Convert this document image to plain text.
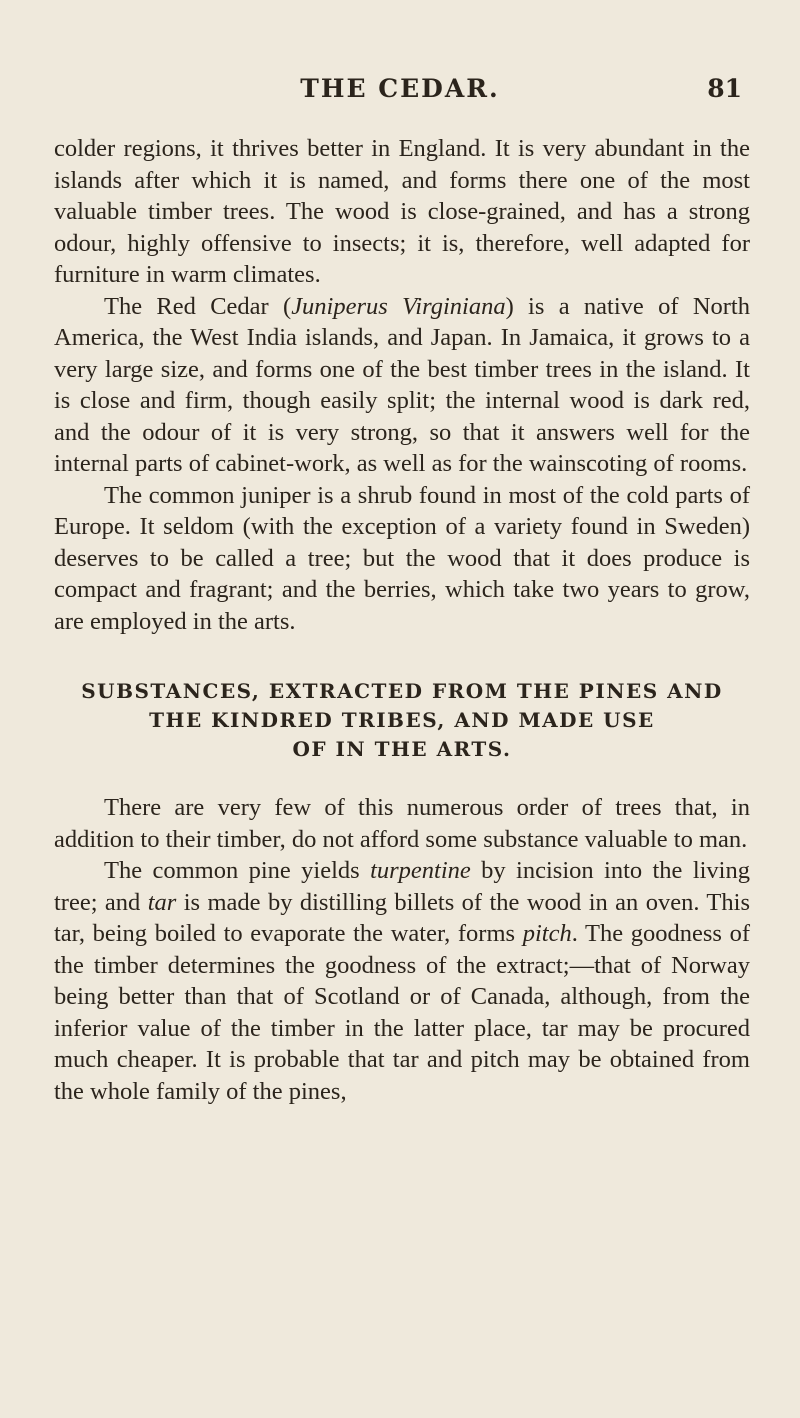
THE CEDAR.	81

colder regions, it thrives better in England. It is very abundant in the islands after which it is named, and forms there one of the most valuable timber trees. The wood is close-grained, and has a strong odour, highly offensive to insects; it is, therefore, well adapted for furniture in warm climates.

The Red Cedar (Juniperus Virginiana) is a native of North America, the West India islands, and Japan. In Jamaica, it grows to a very large size, and forms one of the best timber trees in the island. It is close and firm, though easily split; the internal wood is dark red, and the odour of it is very strong, so that it answers well for the internal parts of cabinet-work, as well as for the wainscoting of rooms.

The common juniper is a shrub found in most of the cold parts of Europe. It seldom (with the exception of a variety found in Sweden) deserves to be called a tree; but the wood that it does produce is compact and fragrant; and the berries, which take two years to grow, are employed in the arts.

SUBSTANCES, EXTRACTED FROM THE PINES AND
THE KINDRED TRIBES, AND MADE USE
OF IN THE ARTS.

There are very few of this numerous order of trees that, in addition to their timber, do not afford some substance valuable to man.

The common pine yields turpentine by incision into the living tree; and tar is made by distilling billets of the wood in an oven. This tar, being boiled to evaporate the water, forms pitch. The goodness of the timber determines the goodness of the extract;—that of Norway being better than that of Scotland or of Canada, although, from the inferior value of the timber in the latter place, tar may be procured much cheaper. It is probable that tar and pitch may be obtained from the whole family of the pines,
